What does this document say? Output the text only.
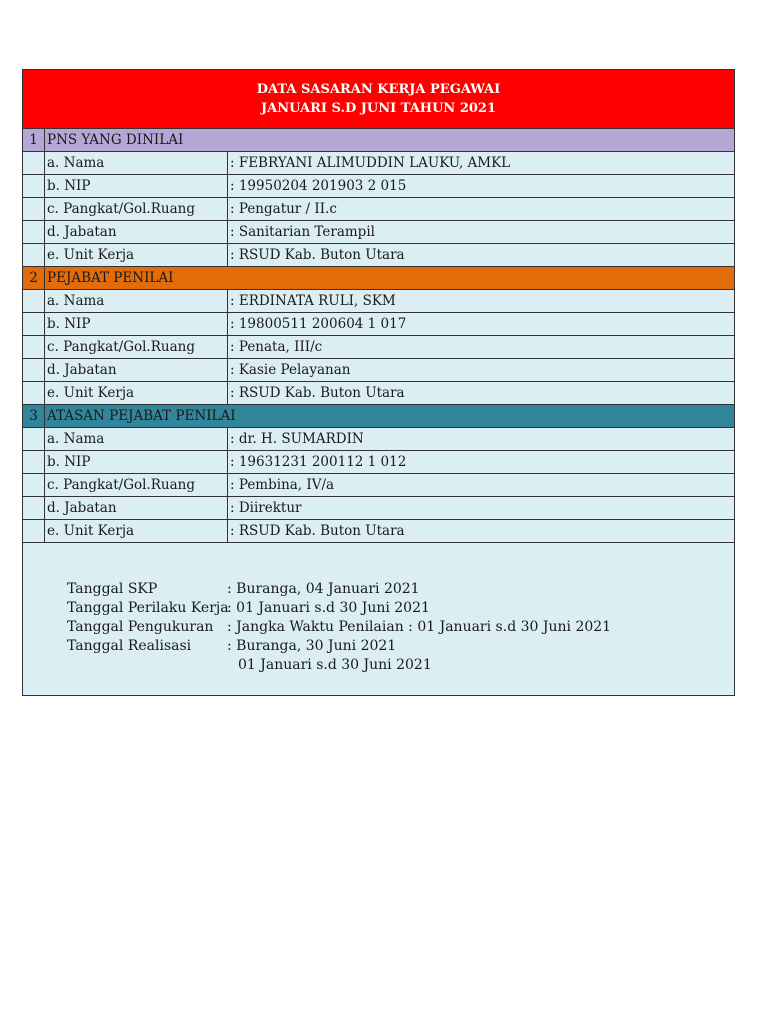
DATA SASARAN KERJA PEGAWAI
JANUARI S.D JUNI TAHUN 2021
1 PNS YANG DINILAI
a. Nama	: FEBRYANI ALIMUDDIN LAUKU, AMKL
b. NIP	: 19950204 201903 2 015
c. Pangkat/Gol.Ruang	: Pengatur / II.c
d. Jabatan	: Sanitarian Terampil
e. Unit Kerja	: RSUD Kab. Buton Utara
2 PEJABAT PENILAI
a. Nama	: ERDINATA RULI, SKM
b. NIP	: 19800511 200604 1 017
c. Pangkat/Gol.Ruang	: Penata, III/c
d. Jabatan	: Kasie Pelayanan
e. Unit Kerja	: RSUD Kab. Buton Utara
3 ATASAN PEJABAT PENILAI
a. Nama	: dr. H. SUMARDIN
b. NIP	: 19631231 200112 1 012
c. Pangkat/Gol.Ruang	: Pembina, IV/a
d. Jabatan	: Diirektur
e. Unit Kerja	: RSUD Kab. Buton Utara
Tanggal SKP	: Buranga, 04 Januari 2021
Tanggal Perilaku Kerja: 01 Januari s.d 30 Juni 2021
Tanggal Pengukuran : Jangka Waktu Penilaian : 01 Januari s.d 30 Juni 2021
Tanggal Realisasi	: Buranga, 30 Juni 2021
01 Januari s.d 30 Juni 2021
